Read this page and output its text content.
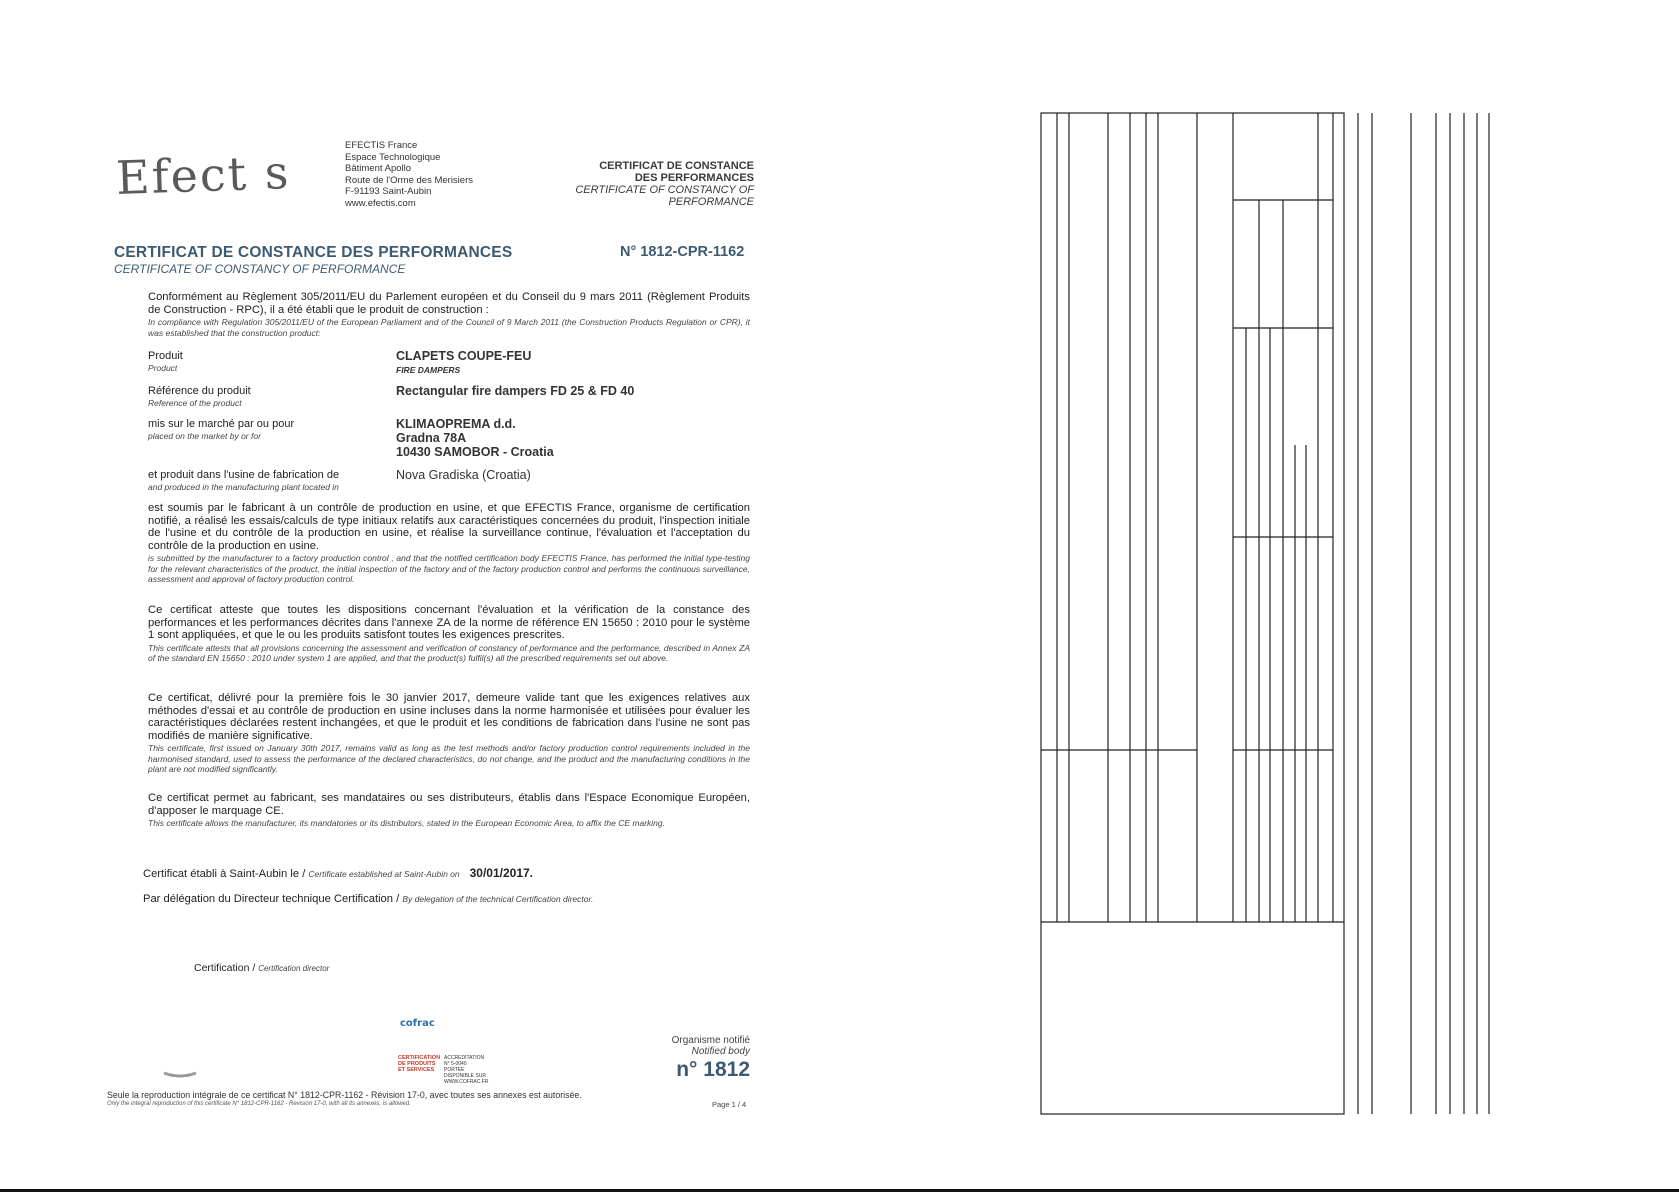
Efect s	EFECTIS France
Espace Technologique
Bâtiment Apollo
Route de l'Orme des Merisiers
F-91193 Saint-Aubin
www.efectis.com
CERTIFICAT DE CONSTANCE
DES PERFORMANCES
CERTIFICATE OF CONSTANCY OF
PERFORMANCE
CERTIFICAT DE CONSTANCE DES PERFORMANCES
CERTIFICATE OF CONSTANCY OF PERFORMANCE
N° 1812-CPR-1162
Conformément au Règlement 305/2011/EU du Parlement européen et du Conseil du 9 mars 2011 (Règlement Produits de Construction - RPC), il a été établi que le produit de construction :
In compliance with Regulation 305/2011/EU of the European Parliament and of the Council of 9 March 2011 (the Construction Products Regulation or CPR), it was established that the construction product:
Produit
Product
CLAPETS COUPE-FEU
FIRE DAMPERS
Référence du produit
Reference of the product
Rectangular fire dampers FD 25 & FD 40
mis sur le marché par ou pour
placed on the market by or for
KLIMAOPREMA d.d.
Gradna 78A
10430 SAMOBOR - Croatia
et produit dans l'usine de fabrication de
and produced in the manufacturing plant located in
Nova Gradiska (Croatia)
est soumis par le fabricant à un contrôle de production en usine, et que EFECTIS France, organisme de certification notifié, a réalisé les essais/calculs de type initiaux relatifs aux caractéristiques concernées du produit, l'inspection initiale de l'usine et du contrôle de la production en usine, et réalise la surveillance continue, l'évaluation et l'acceptation du contrôle de la production en usine.
is submitted by the manufacturer to a factory production control , and that the notified certification body EFECTIS France, has performed the initial type-testing for the relevant characteristics of the product, the initial inspection of the factory and of the factory production control and performs the continuous surveillance, assessment and approval of factory production control.
Ce certificat atteste que toutes les dispositions concernant l'évaluation et la vérification de la constance des performances et les performances décrites dans l'annexe ZA de la norme de référence EN 15650 : 2010 pour le système 1 sont appliquées, et que le ou les produits satisfont toutes les exigences prescrites.
This certificate attests that all provisions concerning the assessment and verification of constancy of performance and the performance, described in Annex ZA of the standard EN 15650 : 2010 under system 1 are applied, and that the product(s) fulfil(s) all the prescribed requirements set out above.
Ce certificat, délivré pour la première fois le 30 janvier 2017, demeure valide tant que les exigences relatives aux méthodes d'essai et au contrôle de production en usine incluses dans la norme harmonisée et utilisées pour évaluer les caractéristiques déclarées restent inchangées, et que le produit et les conditions de fabrication dans l'usine ne sont pas modifiés de manière significative.
This certificate, first issued on January 30th 2017, remains valid as long as the test methods and/or factory production control requirements included in the harmonised standard, used to assess the performance of the declared characteristics, do not change, and the product and the manufacturing conditions in the plant are not modified significantly.
Ce certificat permet au fabricant, ses mandataires ou ses distributeurs, établis dans l'Espace Economique Européen, d'apposer le marquage CE.
This certificate allows the manufacturer, its mandatories or its distributors, stated in the European Economic Area, to affix the CE marking.
Certificat établi à Saint-Aubin le / Certificate established at Saint-Aubin on 30/01/2017.
Par délégation du Directeur technique Certification / By delegation of the technical Certification director.
Certification / Certification director
cofrac
CERTIFICATION
DE PRODUITS
ET SERVICES
ACCREDITATION
N° 5-0040
PORTEE DISPONIBLE SUR
WWW.COFRAC.FR
Organisme notifié
Notified body
n° 1812
Seule la reproduction intégrale de ce certificat N° 1812-CPR-1162 - Révision 17-0, avec toutes ses annexes est autorisée.
Only the integral reproduction of this certificate N° 1812-CPR-1162 - Revision 17-0, with all its annexes, is allowed.	Page 1 / 4
